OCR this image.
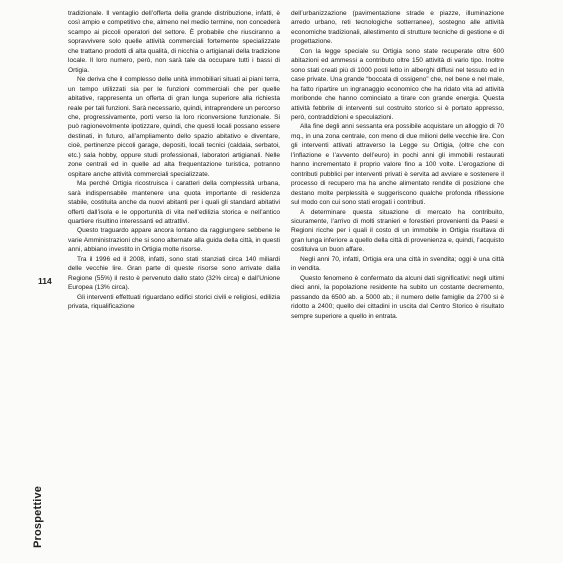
tradizionale. Il ventaglio dell’offerta della grande distribuzione, infatti, è così ampio e competitivo che, almeno nel medio termine, non concederà scampo ai piccoli operatori del settore. È probabile che riusciranno a sopravvivere solo quelle attività commerciali fortemente specializzate che trattano prodotti di alta qualità, di nicchia o artigianali della tradizione locale. Il loro numero, però, non sarà tale da occupare tutti i bassi di Ortigia.

Ne deriva che il complesso delle unità immobiliari situati ai piani terra, un tempo utilizzati sia per le funzioni commerciali che per quelle abitative, rappresenta un offerta di gran lunga superiore alla richiesta reale per tali funzioni. Sarà necessario, quindi, intraprendere un percorso che, progressivamente, porti verso la loro riconversione funzionale. Si può ragionevolmente ipotizzare, quindi, che questi locali possano essere destinati, in futuro, all’ampliamento dello spazio abitativo e diventare, cioè, pertinenze piccoli garage, depositi, locali tecnici (caldaia, serbatoi, etc.) sala hobby, oppure studi professionali, laboratori artigianali. Nelle zone centrali ed in quelle ad alta frequentazione turistica, potranno ospitare anche attività commerciali specializzate.

Ma perché Ortigia ricostruisca i caratteri della complessità urbana, sarà indispensabile mantenere una quota importante di residenza stabile, costituita anche da nuovi abitanti per i quali gli standard abitativi offerti dall’isola e le opportunità di vita nell’edilizia storica e nell’antico quartiere risultino interessanti ed attrattivi.

Questo traguardo appare ancora lontano da raggiungere sebbene le varie Amministrazioni che si sono alternate alla guida della città, in questi anni, abbiano investito in Ortigia molte risorse.

Tra il 1996 ed il 2008, infatti, sono stati stanziati circa 140 miliardi delle vecchie lire. Gran parte di queste risorse sono arrivate dalla Regione (55%) il resto è pervenuto dallo stato (32% circa) e dall’Unione Europea (13% circa).

Gli interventi effettuati riguardano edifici storici civili e religiosi, edilizia privata, riqualificazione

dell’urbanizzazione (pavimentazione strade e piazze, illuminazione arredo urbano, reti tecnologiche sotterranee), sostegno alle attività economiche tradizionali, allestimento di strutture tecniche di gestione e di progettazione.

Con la legge speciale su Ortigia sono state recuperate oltre 600 abitazioni ed ammessi a contributo oltre 150 attività di vario tipo. Inoltre sono stati creati più di 1000 posti letto in alberghi diffusi nel tessuto ed in case private. Una grande “boccata di ossigeno” che, nel bene e nel male, ha fatto ripartire un ingranaggio economico che ha ridato vita ad attività moribonde che hanno cominciato a tirare con grande energia. Questa attività febbrile di interventi sul costruito storico si è portato appresso, però, contraddizioni e speculazioni.

Alla fine degli anni sessanta era possibile acquistare un alloggio di 70 mq., in una zona centrale, con meno di due milioni delle vecchie lire. Con gli interventi attivati attraverso la Legge su Ortigia, (oltre che con l’inflazione e l’avvento dell’euro) in pochi anni gli immobili restaurati hanno incrementato il proprio valore fino a 100 volte. L’erogazione di contributi pubblici per interventi privati è servita ad avviare e sostenere il processo di recupero ma ha anche alimentato rendite di posizione che destano molte perplessità e suggeriscono qualche profonda riflessione sul modo con cui sono stati erogati i contributi.

A determinare questa situazione di mercato ha contribuito, sicuramente, l’arrivo di molti stranieri e forestieri provenienti da Paesi e Regioni ricche per i quali il costo di un immobile in Ortigia risultava di gran lunga inferiore a quello della città di provenienza e, quindi, l’acquisto costituiva un buon affare.

Negli anni 70, infatti, Ortigia era una città in svendita; oggi è una città in vendita.

Questo fenomeno è confermato da alcuni dati significativi: negli ultimi dieci anni, la popolazione residente ha subito un costante decremento, passando da 6500 ab. a 5000 ab.; il numero delle famiglie da 2700 si è ridotto a 2400; quello dei cittadini in uscita dal Centro Storico è risultato sempre superiore a quello in entrata.

114
Prospettive
